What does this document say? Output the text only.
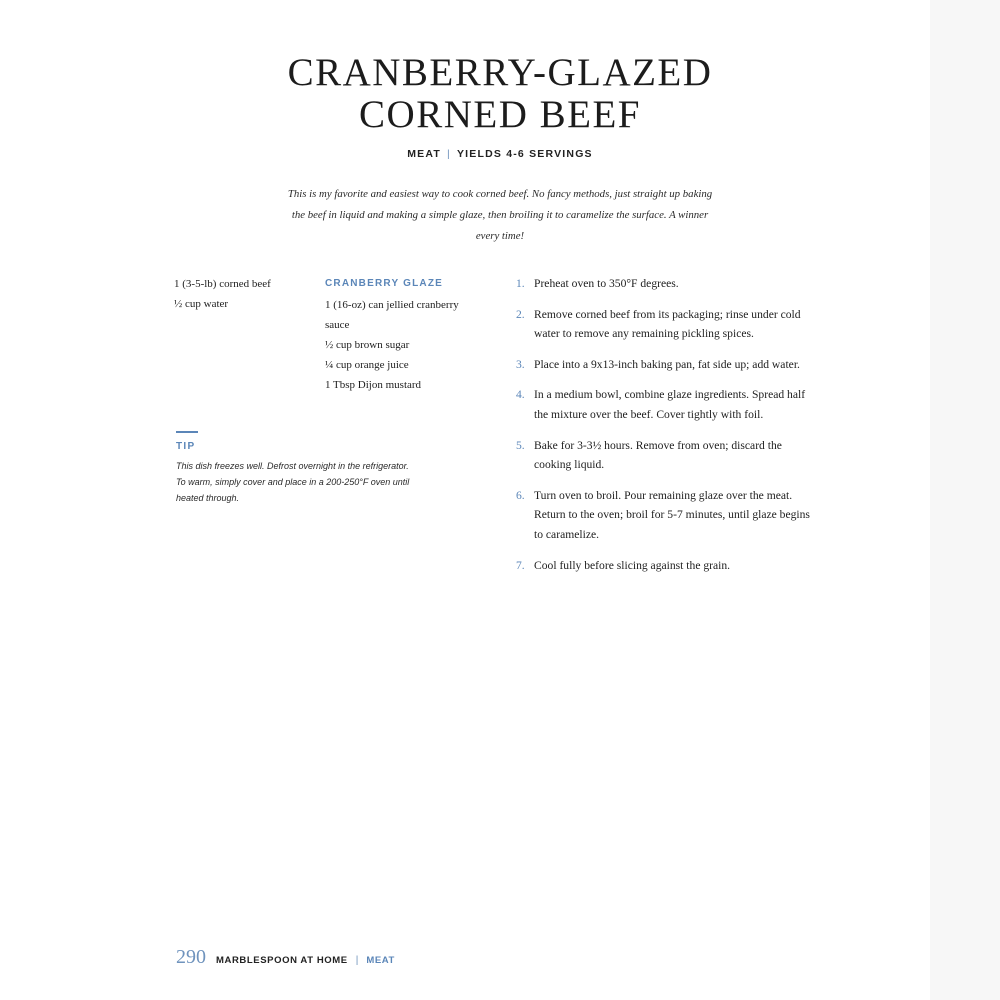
CRANBERRY-GLAZED
CORNED BEEF
MEAT | YIELDS 4-6 SERVINGS
This is my favorite and easiest way to cook corned beef. No fancy methods, just straight up baking the beef in liquid and making a simple glaze, then broiling it to caramelize the surface. A winner every time!
1 (3-5-lb) corned beef
½ cup water
CRANBERRY GLAZE
1 (16-oz) can jellied cranberry sauce
½ cup brown sugar
¼ cup orange juice
1 Tbsp Dijon mustard
TIP
This dish freezes well. Defrost overnight in the refrigerator. To warm, simply cover and place in a 200-250°F oven until heated through.
1. Preheat oven to 350°F degrees.
2. Remove corned beef from its packaging; rinse under cold water to remove any remaining pickling spices.
3. Place into a 9x13-inch baking pan, fat side up; add water.
4. In a medium bowl, combine glaze ingredients. Spread half the mixture over the beef. Cover tightly with foil.
5. Bake for 3-3½ hours. Remove from oven; discard the cooking liquid.
6. Turn oven to broil. Pour remaining glaze over the meat. Return to the oven; broil for 5-7 minutes, until glaze begins to caramelize.
7. Cool fully before slicing against the grain.
290 MARBLESPOON AT HOME | MEAT
